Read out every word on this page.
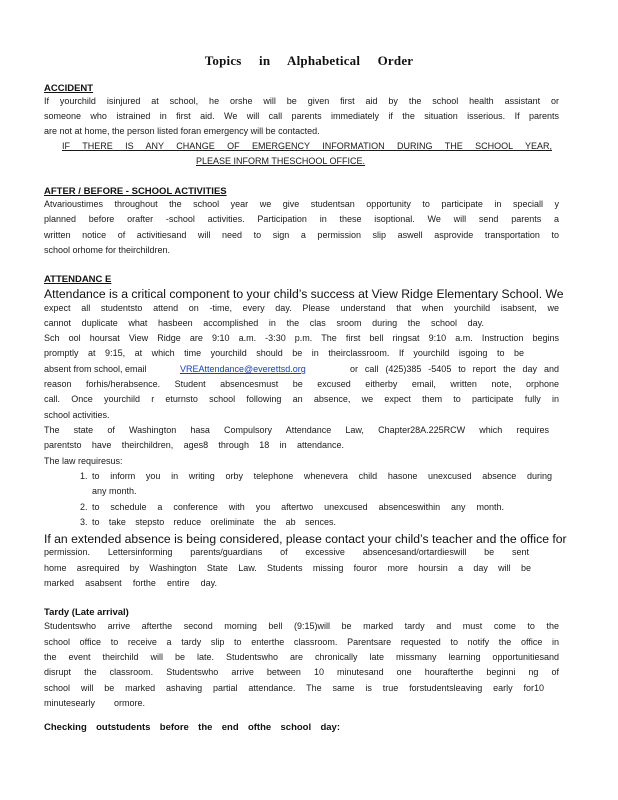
Topics in Alphabetical Order
ACCIDENT
If yourchild isinjured at school, he orshe will be given first aid by the school health assistant or
someone who istrained in first aid. We will call parents immediately if the situation isserious. If parents
are not at home, the person listed foran emergency will be contacted.
IF THERE IS ANY CHANGE OF EMERGENCY INFORMATION DURING THE SCHOOL YEAR,
PLEASE INFORM THESCHOOL OFFICE.
AFTER / BEFORE - SCHOOL ACTIVITIES
Atvarioustimes throughout the school year we give studentsan opportunity to participate in speciall y
planned before orafter -school activities. Participation in these isoptional. We will send parents a
written notice of activitiesand will need to sign a permission slip aswell asprovide transportation to
school orhome for theirchildren.
ATTENDANC E
Attendance is a critical component to your child’s success at View Ridge Elementary School. We
expect all studentsto attend on -time, every day. Please understand that when yourchild isabsent, we
cannot duplicate what hasbeen accomplished in the clas sroom during the school day.
Sch ool hoursat View Ridge are 9:10 a.m. -3:30 p.m. The first bell ringsat 9:10 a.m. Instruction begins
promptly at 9:15, at which time yourchild should be in theirclassroom. If yourchild isgoing to be
absent from school, email	VREAttendance@everettsd.org	or call (425)385 -5405 to report the day and
reason forhis/herabsence. Student absencesmust be excused eitherby email, written note, orphone
call. Once yourchild r eturnsto school following an absence, we expect them to participate fully in
school activities.
The state of Washington hasa Compulsory Attendance Law, Chapter28A.225RCW which requires
parentsto have theirchildren, ages8 through 18 in attendance.
The law requiresus:
1. to inform you in writing orby telephone whenevera child hasone unexcused absence during
any month.
2. to schedule a conference with you aftertwo unexcused absenceswithin any month.
3. to take stepsto reduce oreliminate the ab sences.
If an extended absence is being considered, please contact your child’s teacher and the office for
permission. Lettersinforming parents/guardians of excessive absencesand/ortardieswill be sent
home asrequired by Washington State Law. Students missing fouror more hoursin a day will be
marked asabsent forthe entire day.
Tardy (Late arrival)
Studentswho arrive afterthe second morning bell (9:15)will be marked tardy and must come to the
school office to receive a tardy slip to enterthe classroom. Parentsare requested to notify the office in
the event theirchild will be late. Studentswho are chronically late missmany learning opportunitiesand
disrupt the classroom. Studentswho arrive between 10 minutesand one hourafterthe beginni ng of
school will be marked ashaving partial attendance. The same is true forstudentsleaving early for10
minutesearly ormore.
Checking outstudents before the end ofthe school day:
